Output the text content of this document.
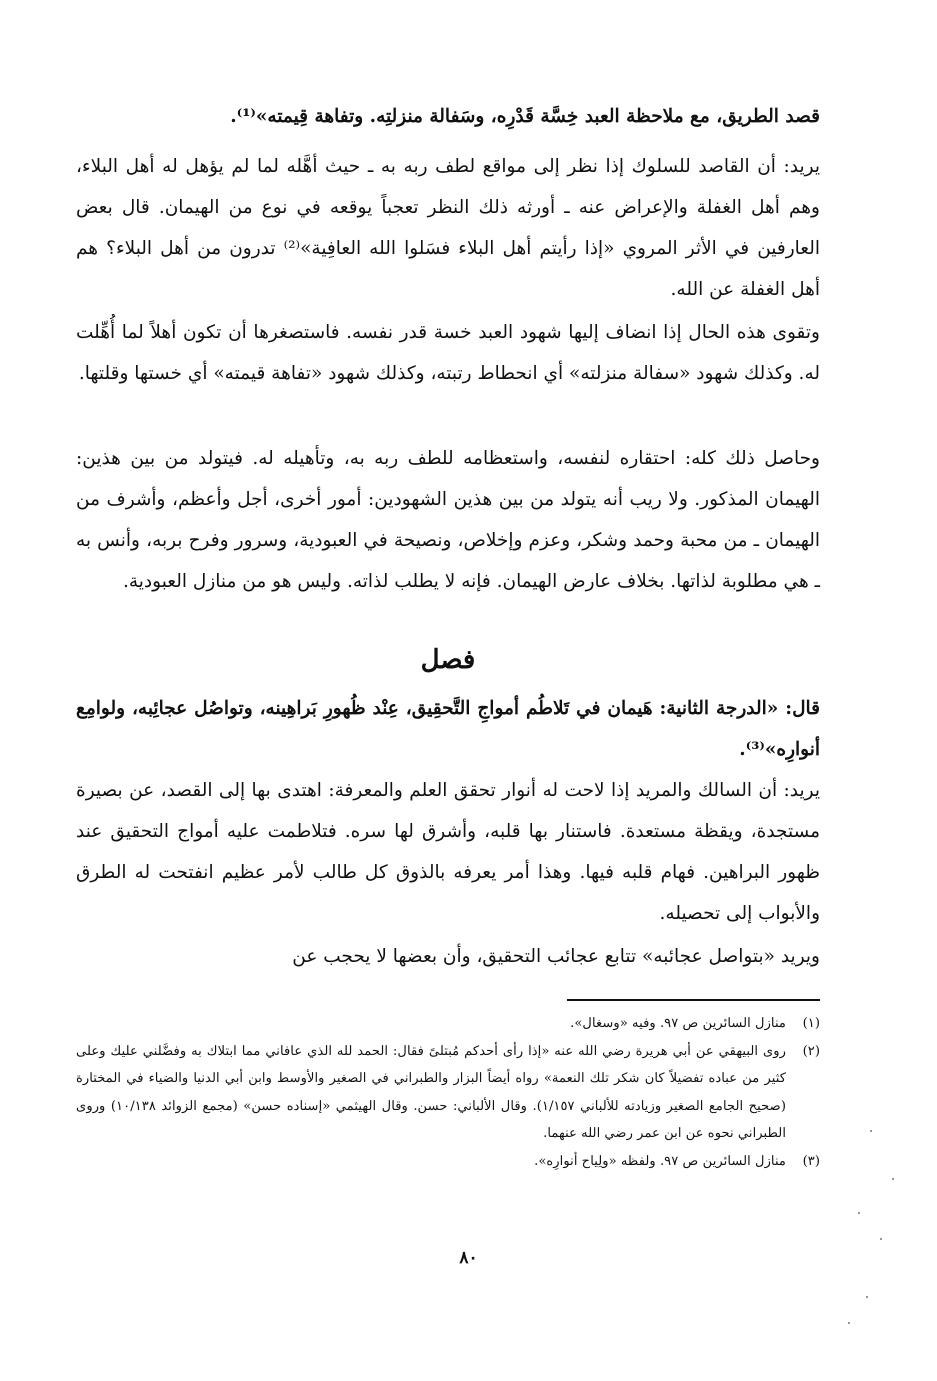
قصد الطريق، مع ملاحظة العبد خِسَّة قَدْرِه، وسَفالة منزلتِه. وتفاهة قِيمته»⁽¹⁾.

يريد: أن القاصد للسلوك إذا نظر إلى مواقع لطف ربه به ـ حيث أهَّله لما لم يؤهل له أهل البلاء، وهم أهل الغفلة والإعراض عنه ـ أورثه ذلك النظر تعجباً يوقعه في نوع من الهيمان. قال بعض العارفين في الأثر المروي «إذا رأيتم أهل البلاء فسَلوا الله العافِية»⁽²⁾ تدرون من أهل البلاء؟ هم أهل الغفلة عن الله.

وتقوى هذه الحال إذا انضاف إليها شهود العبد خسة قدر نفسه. فاستصغرها أن تكون أهلاً لما أُهِّلت له. وكذلك شهود «سفالة منزلته» أي انحطاط رتبته، وكذلك شهود «تفاهة قيمته» أي خستها وقلتها.

وحاصل ذلك كله: احتقاره لنفسه، واستعظامه للطف ربه به، وتأهيله له. فيتولد من بين هذين: الهيمان المذكور. ولا ريب أنه يتولد من بين هذين الشهودين: أمور أخرى، أجل وأعظم، وأشرف من الهيمان ـ من محبة وحمد وشكر، وعزم وإخلاص، ونصيحة في العبودية، وسرور وفرح بربه، وأنس به ـ هي مطلوبة لذاتها. بخلاف عارض الهيمان. فإنه لا يطلب لذاته. وليس هو من منازل العبودية.

فصل

قال: «الدرجة الثانية: هَيمان في تَلاطُم أمواجِ التَّحقِيق، عِنْد ظُهورِ بَراهِينه، وتواصُل عجائِبه، ولوامِع أنوارِه»⁽³⁾.

يريد: أن السالك والمريد إذا لاحت له أنوار تحقق العلم والمعرفة: اهتدى بها إلى القصد، عن بصيرة مستجدة، ويقظة مستعدة. فاستنار بها قلبه، وأشرق لها سره. فتلاطمت عليه أمواج التحقيق عند ظهور البراهين. فهام قلبه فيها. وهذا أمر يعرفه بالذوق كل طالب لأمر عظيم انفتحت له الطرق والأبواب إلى تحصيله.

ويريد «بتواصل عجائبه» تتابع عجائب التحقيق، وأن بعضها لا يحجب عن

(١)
منازل السائرين ص ٩٧. وفيه «وسغال».

(٢)
روى البيهقي عن أبي هريرة رضي الله عنه «إذا رأى أحدكم مُبتلىً فقال: الحمد لله الذي عافاني مما ابتلاك به وفضَّلني عليك وعلى كثير من عباده تفضيلاً كان شكر تلك النعمة» رواه أيضاً البزار والطبراني في الصغير والأوسط وابن أبي الدنيا والضياء في المختارة (صحيح الجامع الصغير وزيادته للألباني ١/١٥٧). وقال الألباني: حسن. وقال الهيثمي «إسناده حسن» (مجمع الزوائد ١٠/١٣٨) وروى الطبراني نحوه عن ابن عمر رضي الله عنهما.

(٣)
منازل السائرين ص ٩٧. ولفظه «ولِياح أنوارِه».

٨٠
